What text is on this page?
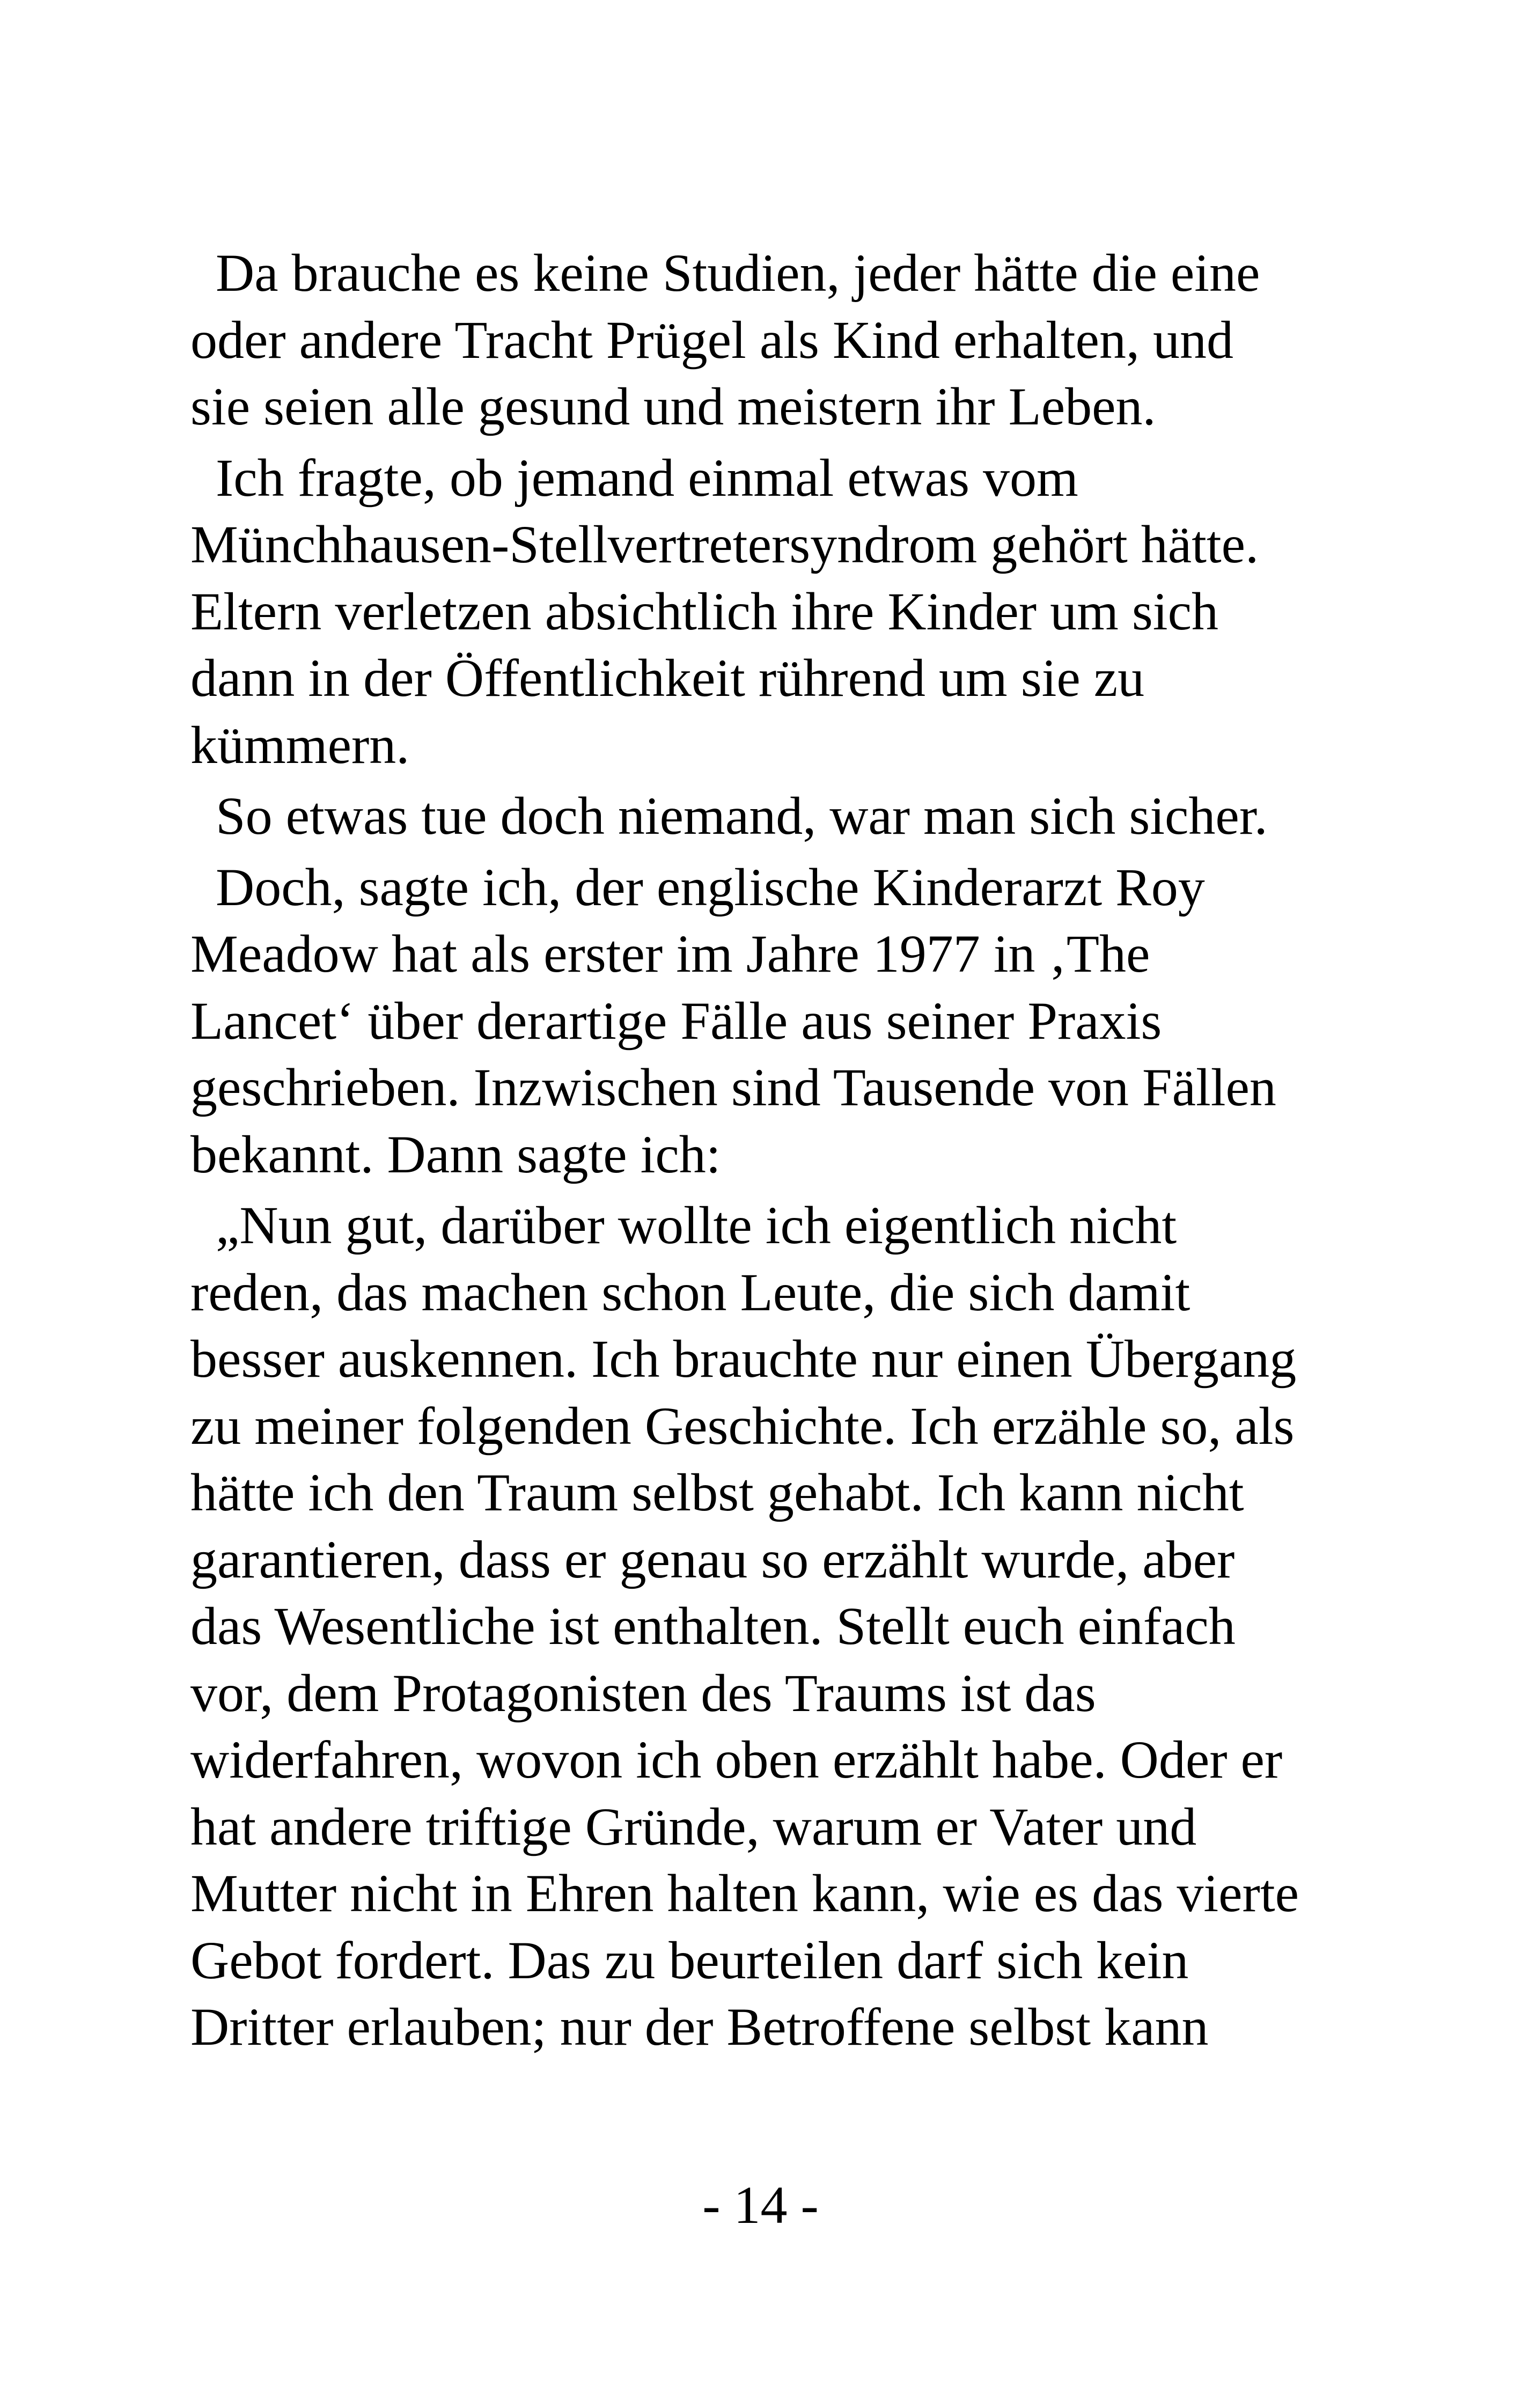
Da brauche es keine Studien, jeder hätte die eine
oder andere Tracht Prügel als Kind erhalten, und
sie seien alle gesund und meistern ihr Leben.
Ich fragte, ob jemand einmal etwas vom
Münchhausen-Stellvertretersyndrom gehört hätte.
Eltern verletzen absichtlich ihre Kinder um sich
dann in der Öffentlichkeit rührend um sie zu
kümmern.
So etwas tue doch niemand, war man sich sicher.
Doch, sagte ich, der englische Kinderarzt Roy
Meadow hat als erster im Jahre 1977 in ‚The
Lancet‘ über derartige Fälle aus seiner Praxis
geschrieben. Inzwischen sind Tausende von Fällen
bekannt. Dann sagte ich:
„Nun gut, darüber wollte ich eigentlich nicht
reden, das machen schon Leute, die sich damit
besser auskennen. Ich brauchte nur einen Übergang
zu meiner folgenden Geschichte. Ich erzähle so, als
hätte ich den Traum selbst gehabt. Ich kann nicht
garantieren, dass er genau so erzählt wurde, aber
das Wesentliche ist enthalten. Stellt euch einfach
vor, dem Protagonisten des Traums ist das
widerfahren, wovon ich oben erzählt habe. Oder er
hat andere triftige Gründe, warum er Vater und
Mutter nicht in Ehren halten kann, wie es das vierte
Gebot fordert. Das zu beurteilen darf sich kein
Dritter erlauben; nur der Betroffene selbst kann
- 14 -
